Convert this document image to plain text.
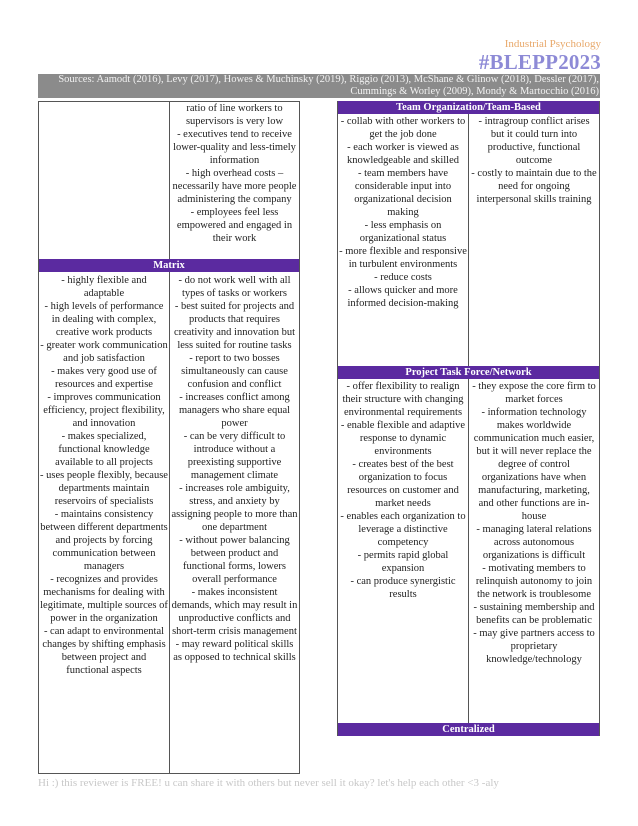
Industrial Psychology
#BLEPP2023
Sources: Aamodt (2016), Levy (2017), Howes & Muchinsky (2019), Riggio (2013), McShane & Glinow (2018), Dessler (2017), Cummings & Worley (2009), Mondy & Martocchio (2016)
ratio of line workers to supervisors is very low
- executives tend to receive lower-quality and less-timely information
- high overhead costs – necessarily have more people administering the company
- employees feel less empowered and engaged in their work
Matrix
- highly flexible and adaptable
- high levels of performance in dealing with complex, creative work products
- greater work communication and job satisfaction
- makes very good use of resources and expertise
- improves communication efficiency, project flexibility, and innovation
- makes specialized, functional knowledge available to all projects
- uses people flexibly, because departments maintain reservoirs of specialists
- maintains consistency between different departments and projects by forcing communication between managers
- recognizes and provides mechanisms for dealing with legitimate, multiple sources of power in the organization
- can adapt to environmental changes by shifting emphasis between project and functional aspects
- do not work well with all types of tasks or workers
- best suited for projects and products that requires creativity and innovation but less suited for routine tasks
- report to two bosses simultaneously can cause confusion and conflict
- increases conflict among managers who share equal power
- can be very difficult to introduce without a preexisting supportive management climate
- increases role ambiguity, stress, and anxiety by assigning people to more than one department
- without power balancing between product and functional forms, lowers overall performance
- makes inconsistent demands, which may result in unproductive conflicts and short-term crisis management
- may reward political skills as opposed to technical skills
Team Organization/Team-Based
- collab with other workers to get the job done
- each worker is viewed as knowledgeable and skilled
- team members have considerable input into organizational decision making
- less emphasis on organizational status
- more flexible and responsive in turbulent environments
- reduce costs
- allows quicker and more informed decision-making
- intragroup conflict arises but it could turn into productive, functional outcome
- costly to maintain due to the need for ongoing interpersonal skills training
Project Task Force/Network
- offer flexibility to realign their structure with changing environmental requirements
- enable flexible and adaptive response to dynamic environments
- creates best of the best organization to focus resources on customer and market needs
- enables each organization to leverage a distinctive competency
- permits rapid global expansion
- can produce synergistic results
- they expose the core firm to market forces
- information technology makes worldwide communication much easier, but it will never replace the degree of control organizations have when manufacturing, marketing, and other functions are in-house
- managing lateral relations across autonomous organizations is difficult
- motivating members to relinquish autonomy to join the network is troublesome
- sustaining membership and benefits can be problematic
- may give partners access to proprietary knowledge/technology
Centralized
Hi :) this reviewer is FREE! u can share it with others but never sell it okay? let's help each other <3 -aly
